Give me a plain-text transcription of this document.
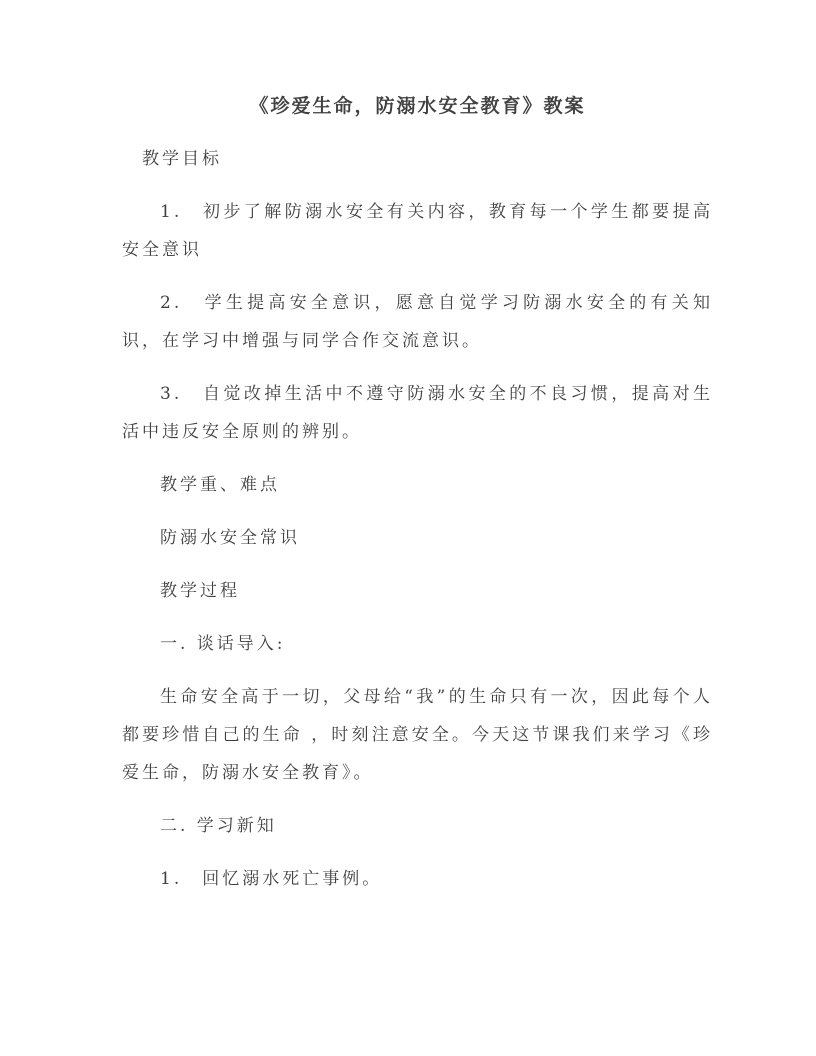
《珍爱生命，防溺水安全教育》教案

教学目标

1.　初步了解防溺水安全有关内容，教育每一个学生都要提高安全意识

2.　学生提高安全意识，愿意自觉学习防溺水安全的有关知识，在学习中增强与同学合作交流意识。

3.　自觉改掉生活中不遵守防溺水安全的不良习惯，提高对生活中违反安全原则的辨别。

教学重、难点

防溺水安全常识

教学过程

一. 谈话导入:

生命安全高于一切，父母给“我”的生命只有一次，因此每个人都要珍惜自己的生命 ，时刻注意安全。今天这节课我们来学习《珍爱生命，防溺水安全教育》。

二. 学习新知

1.　回忆溺水死亡事例。
